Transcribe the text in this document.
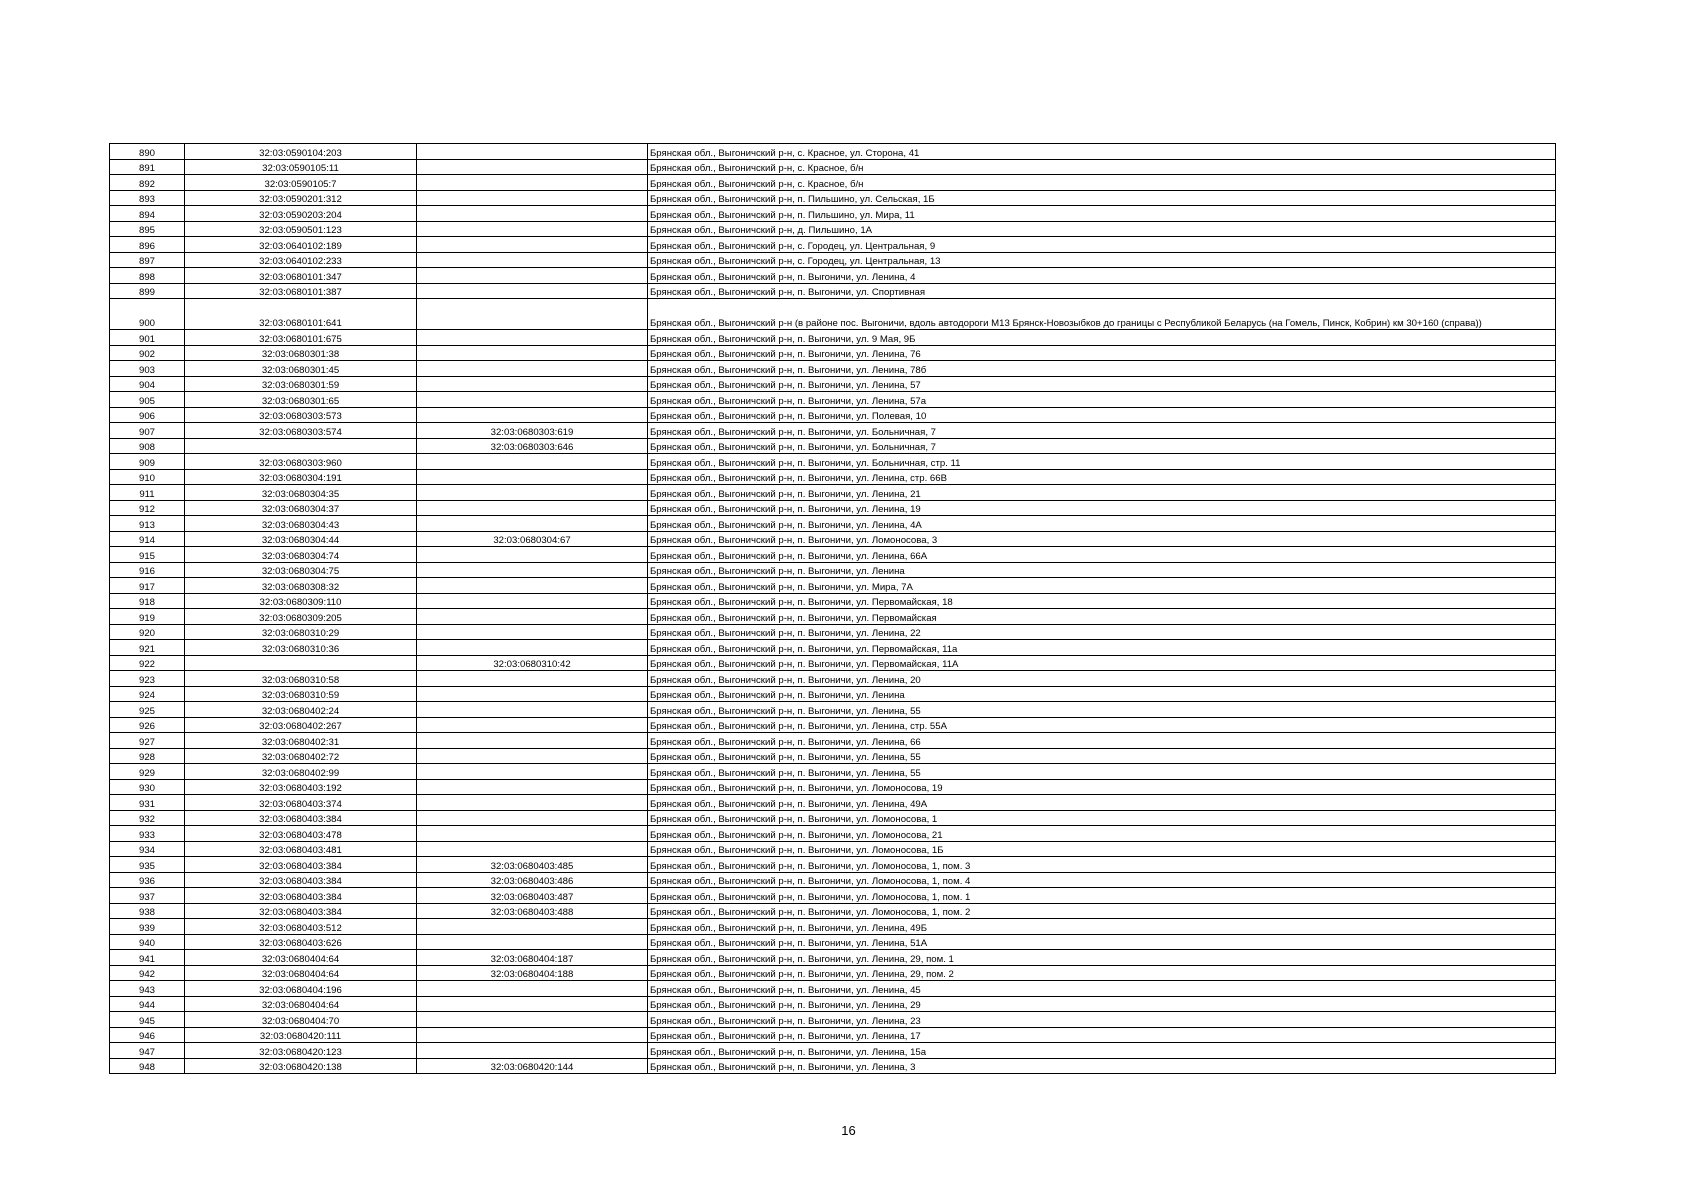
890	32:03:0590104:203		Брянская обл., Выгоничский р-н, с. Красное, ул. Сторона, 41
891	32:03:0590105:11		Брянская обл., Выгоничский р-н, с. Красное, б/н
892	32:03:0590105:7		Брянская обл., Выгоничский р-н, с. Красное, б/н
893	32:03:0590201:312		Брянская обл., Выгоничский р-н, п. Пильшино, ул. Сельская, 1Б
894	32:03:0590203:204		Брянская обл., Выгоничский р-н, п. Пильшино, ул. Мира, 11
895	32:03:0590501:123		Брянская обл., Выгоничский р-н, д. Пильшино, 1А
896	32:03:0640102:189		Брянская обл., Выгоничский р-н, с. Городец, ул. Центральная, 9
897	32:03:0640102:233		Брянская обл., Выгоничский р-н, с. Городец, ул. Центральная, 13
898	32:03:0680101:347		Брянская обл., Выгоничский р-н, п. Выгоничи, ул. Ленина, 4
899	32:03:0680101:387		Брянская обл., Выгоничский р-н, п. Выгоничи, ул. Спортивная
900	32:03:0680101:641		Брянская обл., Выгоничский р-н (в районе пос. Выгоничи, вдоль автодороги М13 Брянск-Новозыбков до границы с Республикой Беларусь (на Гомель, Пинск, Кобрин) км 30+160 (справа))
901	32:03:0680101:675		Брянская обл., Выгоничский р-н, п. Выгоничи, ул. 9 Мая, 9Б
902	32:03:0680301:38		Брянская обл., Выгоничский р-н, п. Выгоничи, ул. Ленина, 76
903	32:03:0680301:45		Брянская обл., Выгоничский р-н, п. Выгоничи, ул. Ленина, 78б
904	32:03:0680301:59		Брянская обл., Выгоничский р-н, п. Выгоничи, ул. Ленина, 57
905	32:03:0680301:65		Брянская обл., Выгоничский р-н, п. Выгоничи, ул. Ленина, 57а
906	32:03:0680303:573		Брянская обл., Выгоничский р-н, п. Выгоничи, ул. Полевая, 10
907	32:03:0680303:574	32:03:0680303:619	Брянская обл., Выгоничский р-н, п. Выгоничи, ул. Больничная, 7
908		32:03:0680303:646	Брянская обл., Выгоничский р-н, п. Выгоничи, ул. Больничная, 7
909	32:03:0680303:960		Брянская обл., Выгоничский р-н, п. Выгоничи, ул. Больничная, стр. 11
910	32:03:0680304:191		Брянская обл., Выгоничский р-н, п. Выгоничи, ул. Ленина, стр. 66В
911	32:03:0680304:35		Брянская обл., Выгоничский р-н, п. Выгоничи, ул. Ленина, 21
912	32:03:0680304:37		Брянская обл., Выгоничский р-н, п. Выгоничи, ул. Ленина, 19
913	32:03:0680304:43		Брянская обл., Выгоничский р-н, п. Выгоничи, ул. Ленина, 4А
914	32:03:0680304:44	32:03:0680304:67	Брянская обл., Выгоничский р-н, п. Выгоничи, ул. Ломоносова, 3
915	32:03:0680304:74		Брянская обл., Выгоничский р-н, п. Выгоничи, ул. Ленина, 66А
916	32:03:0680304:75		Брянская обл., Выгоничский р-н, п. Выгоничи, ул. Ленина
917	32:03:0680308:32		Брянская обл., Выгоничский р-н, п. Выгоничи, ул. Мира, 7А
918	32:03:0680309:110		Брянская обл., Выгоничский р-н, п. Выгоничи, ул. Первомайская, 18
919	32:03:0680309:205		Брянская обл., Выгоничский р-н, п. Выгоничи, ул. Первомайская
920	32:03:0680310:29		Брянская обл., Выгоничский р-н, п. Выгоничи, ул. Ленина, 22
921	32:03:0680310:36		Брянская обл., Выгоничский р-н, п. Выгоничи, ул. Первомайская, 11а
922		32:03:0680310:42	Брянская обл., Выгоничский р-н, п. Выгоничи, ул. Первомайская, 11А
923	32:03:0680310:58		Брянская обл., Выгоничский р-н, п. Выгоничи, ул. Ленина, 20
924	32:03:0680310:59		Брянская обл., Выгоничский р-н, п. Выгоничи, ул. Ленина
925	32:03:0680402:24		Брянская обл., Выгоничский р-н, п. Выгоничи, ул. Ленина, 55
926	32:03:0680402:267		Брянская обл., Выгоничский р-н, п. Выгоничи, ул. Ленина, стр. 55А
927	32:03:0680402:31		Брянская обл., Выгоничский р-н, п. Выгоничи, ул. Ленина, 66
928	32:03:0680402:72		Брянская обл., Выгоничский р-н, п. Выгоничи, ул. Ленина, 55
929	32:03:0680402:99		Брянская обл., Выгоничский р-н, п. Выгоничи, ул. Ленина, 55
930	32:03:0680403:192		Брянская обл., Выгоничский р-н, п. Выгоничи, ул. Ломоносова, 19
931	32:03:0680403:374		Брянская обл., Выгоничский р-н, п. Выгоничи, ул. Ленина, 49А
932	32:03:0680403:384		Брянская обл., Выгоничский р-н, п. Выгоничи, ул. Ломоносова, 1
933	32:03:0680403:478		Брянская обл., Выгоничский р-н, п. Выгоничи, ул. Ломоносова, 21
934	32:03:0680403:481		Брянская обл., Выгоничский р-н, п. Выгоничи, ул. Ломоносова, 1Б
935	32:03:0680403:384	32:03:0680403:485	Брянская обл., Выгоничский р-н, п. Выгоничи, ул. Ломоносова, 1, пом. 3
936	32:03:0680403:384	32:03:0680403:486	Брянская обл., Выгоничский р-н, п. Выгоничи, ул. Ломоносова, 1, пом. 4
937	32:03:0680403:384	32:03:0680403:487	Брянская обл., Выгоничский р-н, п. Выгоничи, ул. Ломоносова, 1, пом. 1
938	32:03:0680403:384	32:03:0680403:488	Брянская обл., Выгоничский р-н, п. Выгоничи, ул. Ломоносова, 1, пом. 2
939	32:03:0680403:512		Брянская обл., Выгоничский р-н, п. Выгоничи, ул. Ленина, 49Б
940	32:03:0680403:626		Брянская обл., Выгоничский р-н, п. Выгоничи, ул. Ленина, 51А
941	32:03:0680404:64	32:03:0680404:187	Брянская обл., Выгоничский р-н, п. Выгоничи, ул. Ленина, 29, пом. 1
942	32:03:0680404:64	32:03:0680404:188	Брянская обл., Выгоничский р-н, п. Выгоничи, ул. Ленина, 29, пом. 2
943	32:03:0680404:196		Брянская обл., Выгоничский р-н, п. Выгоничи, ул. Ленина, 45
944	32:03:0680404:64		Брянская обл., Выгоничский р-н, п. Выгоничи, ул. Ленина, 29
945	32:03:0680404:70		Брянская обл., Выгоничский р-н, п. Выгоничи, ул. Ленина, 23
946	32:03:0680420:111		Брянская обл., Выгоничский р-н, п. Выгоничи, ул. Ленина, 17
947	32:03:0680420:123		Брянская обл., Выгоничский р-н, п. Выгоничи, ул. Ленина, 15а
948	32:03:0680420:138	32:03:0680420:144	Брянская обл., Выгоничский р-н, п. Выгоничи, ул. Ленина, 3
16
